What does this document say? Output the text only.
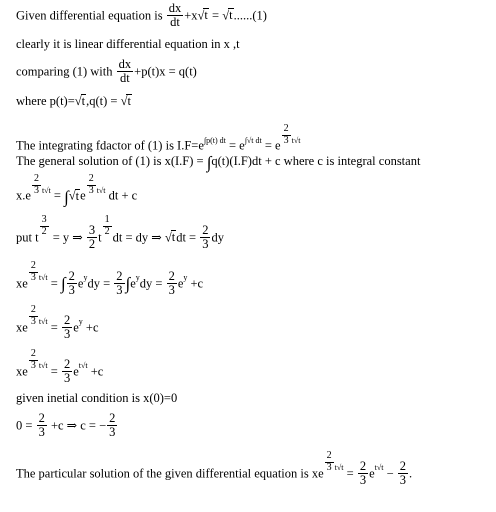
Given differential equation is $\frac{dx}{dt} +x√t = √t......(1)$
clearly it is linear differential equation in x ,t
comparing (1) with $\frac{dx}{dt} +p(t)x = q(t)$
where p(t)=√t,q(t) = √t
The integrating fdactor of (1) is $I.F=e^{\int p(t) dt} = e^{\int√t dt} = e$ $^{\frac{2}{3} t√t}$
The general solution of (1) is x(I.F) = ∫q(t)(I.F)dt + c where c is integral constant
x.e $^{\frac{2}{3} t√t}$ = ∫√te $^{\frac{2}{3} t√t}$ dt + c
put t
$^{\frac{3}{2}}$
= y ⇒ $\frac{3}{2}$ t
$^{\frac{1}{2}}$
dt = dy ⇒ $√tdt = \frac{2}{3}$ dy
xe
$^{\frac{2}{3} t√t}$ = ∫ $\frac{2}{3} e^ydy = \frac{2}{3} \int e^ydy = \frac{2}{3} e^y +c$
xe
$^{\frac{2}{3} t√t} = \frac{2}{3} e^y +c$
xe
$^{\frac{2}{3} t√t} = \frac{2}{3} e^{t√t} +c$
given inetial condition is x(0)=0
$0 = \frac{2}{3} +c$ ⇒ c = − $\frac{2}{3}$
The particular solution of the given differential equation is xe
$^{\frac{2}{3} t√t} = \frac{2}{3} e^{t√t} - \frac{2}{3}$ .
